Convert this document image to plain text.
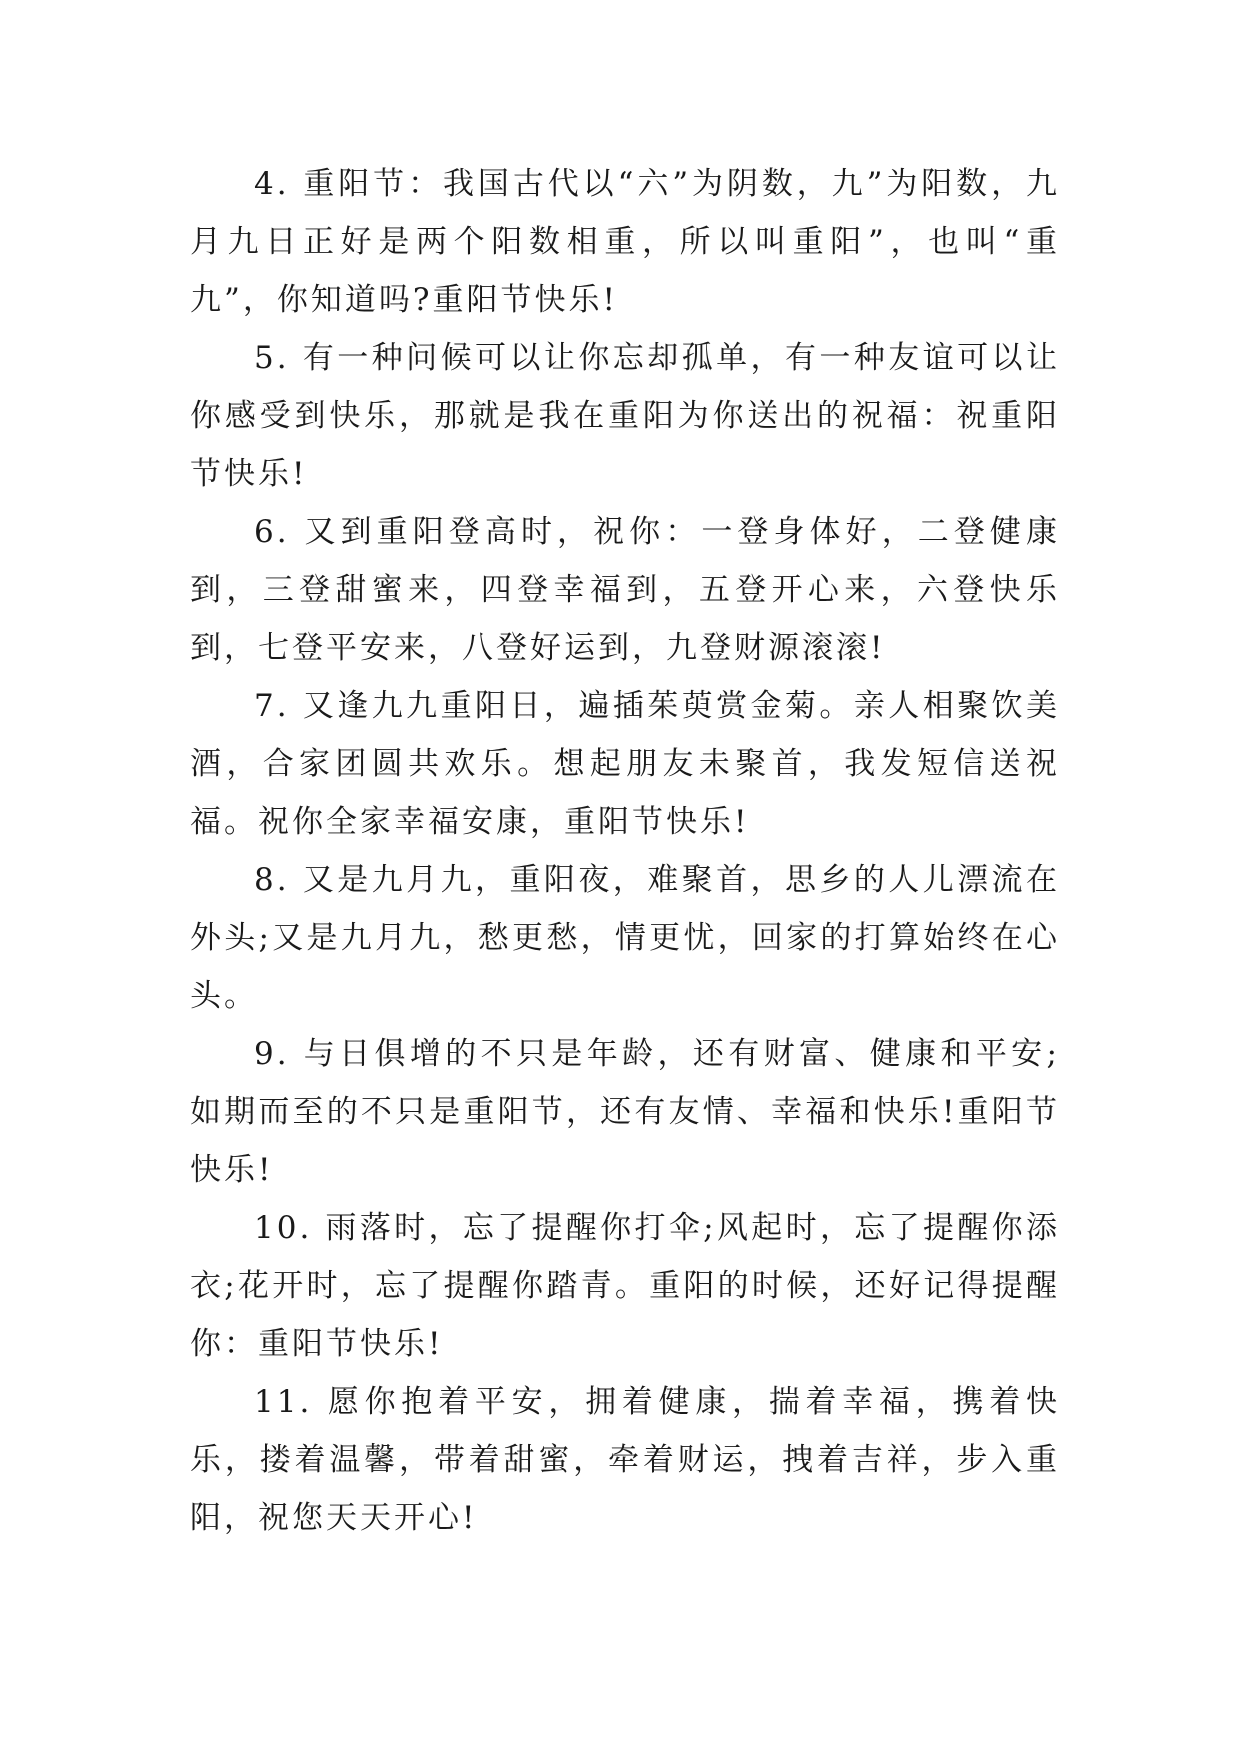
4. 重阳节：我国古代以“六”为阴数，九”为阳数，九月九日正好是两个阳数相重，所以叫重阳”，也叫“重九”，你知道吗?重阳节快乐!

5. 有一种问候可以让你忘却孤单，有一种友谊可以让你感受到快乐，那就是我在重阳为你送出的祝福：祝重阳节快乐!

6. 又到重阳登高时，祝你：一登身体好，二登健康到，三登甜蜜来，四登幸福到，五登开心来，六登快乐到，七登平安来，八登好运到，九登财源滚滚!

7. 又逢九九重阳日，遍插茱萸赏金菊。亲人相聚饮美酒，合家团圆共欢乐。想起朋友未聚首，我发短信送祝福。祝你全家幸福安康，重阳节快乐!

8. 又是九月九，重阳夜，难聚首，思乡的人儿漂流在外头;又是九月九，愁更愁，情更忧，回家的打算始终在心头。

9. 与日俱增的不只是年龄，还有财富、健康和平安;如期而至的不只是重阳节，还有友情、幸福和快乐!重阳节快乐!

10. 雨落时，忘了提醒你打伞;风起时，忘了提醒你添衣;花开时，忘了提醒你踏青。重阳的时候，还好记得提醒你：重阳节快乐!

11. 愿你抱着平安，拥着健康，揣着幸福，携着快乐，搂着温馨，带着甜蜜，牵着财运，拽着吉祥，步入重阳，祝您天天开心!
